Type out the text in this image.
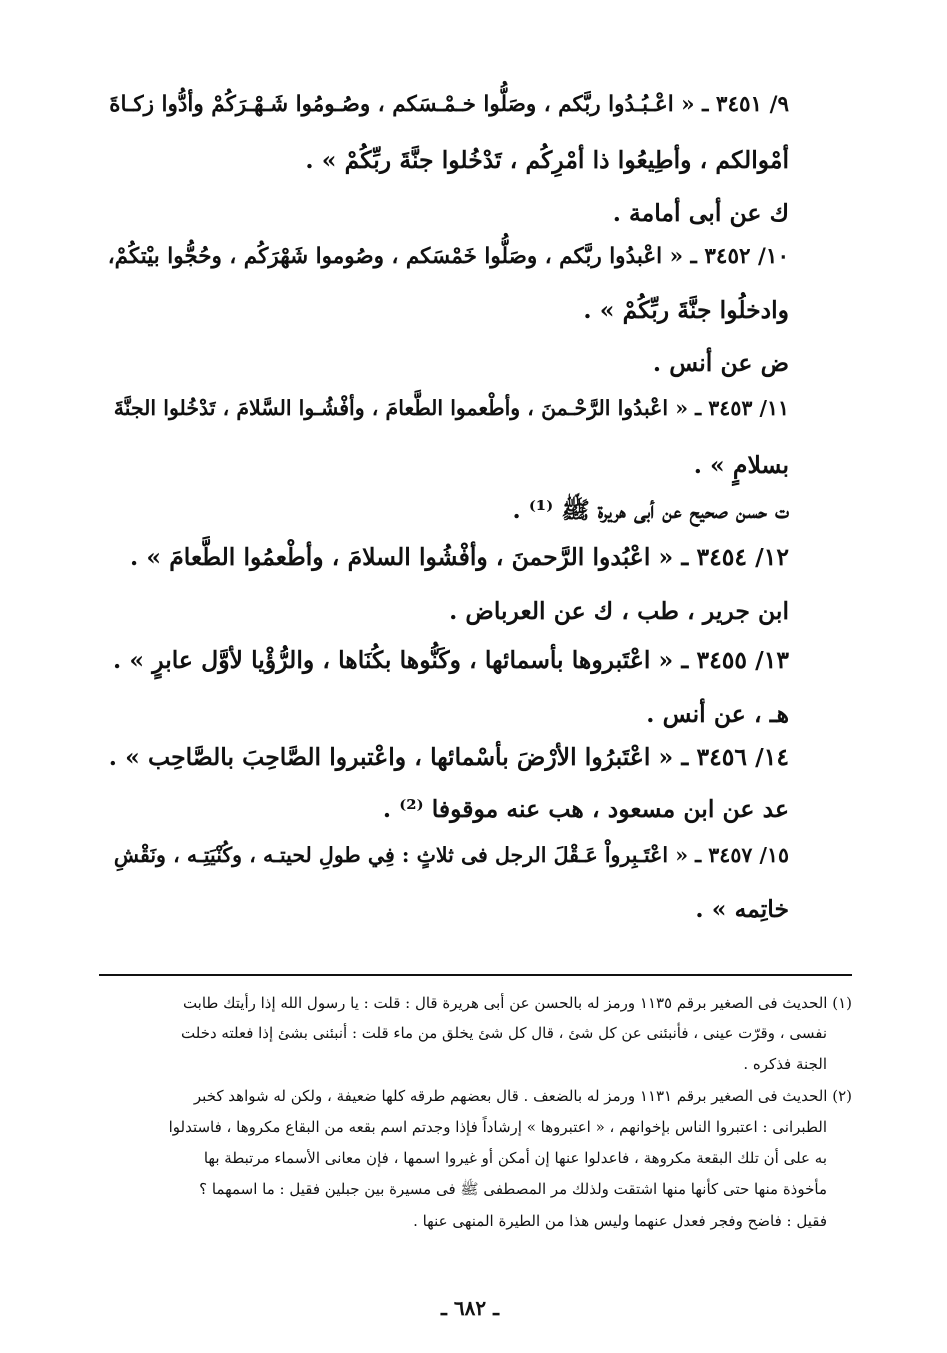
٩/ ٣٤٥١ ـ « اعْـبُـدُوا ربَّكم ، وصَلُّوا خـمْـسَكم ، وصُـومُوا شَـهْـرَكُمْ وأدُّوا زكـاةَ

أمْوالكم ، وأطِيعُوا ذا أمْرِكُم ، تَدْخُلوا جنَّةَ ربِّكُمْ » .

ك عن أبى أمامة .

١٠/ ٣٤٥٢ ـ « اعْبدُوا ربَّكم ، وصَلُّوا خَمْسَكم ، وصُوموا شَهْرَكُم ، وحُجُّوا بيْتكُمْ،

وادخلُوا جنَّةَ ربِّكُمْ » .

ض عن أنس .

١١/ ٣٤٥٣ ـ « اعْبدُوا الرَّحْـمنَ ، وأطْعموا الطَّعامَ ، وأفْشُـوا السَّلامَ ، تَدْخُلوا الجنَّةَ

بسلامٍ » .

ت حسن صحيح عن أبى هريرة ﷺ ⁽¹⁾ .

١٢/ ٣٤٥٤ ـ « اعْبُدوا الرَّحمنَ ، وأفْشُوا السلامَ ، وأطْعمُوا الطَّعامَ » .

ابن جرير ، طب ، ك عن العرباض .

١٣/ ٣٤٥٥ ـ « اعْتَبروها بأسمائها ، وكَنُّوها بكُنَاها ، والرُّؤْيا لأوَّل عابرٍ » .

هـ ، عن أنس .

١٤/ ٣٤٥٦ ـ « اعْتَبرُوا الأرْضَ بأسْمائها ، واعْتبروا الصَّاحِبَ بالصَّاحِب » .

عد عن ابن مسعود ، هب عنه موقوفا ⁽²⁾ .

١٥/ ٣٤٥٧ ـ « اعْتَـبِرواْ عَـقْلَ الرجل فى ثلاثٍ : فِي طولِ لحيتـه ، وكُنْيَتِـه ، ونَقْشِ

خاتِمه » .

(١) الحديث فى الصغير برقم ١١٣٥ ورمز له بالحسن عن أبى هريرة قال : قلت : يا رسول الله إذا رأيتك طابت

نفسى ، وقرّت عينى ، فأنبئنى عن كل شئ ، قال كل شئ يخلق من ماء قلت : أنبئنى بشئ إذا فعلته دخلت

الجنة فذكره .

(٢) الحديث فى الصغير برقم ١١٣١ ورمز له بالضعف . قال بعضهم طرقه كلها ضعيفة ، ولكن له شواهد كخبر

الطبرانى : اعتبروا الناس بإخوانهم ، « اعتبروها » إرشاداً فإذا وجدتم اسم بقعه من البقاع مكروها ، فاستدلوا

به على أن تلك البقعة مكروهة ، فاعدلوا عنها إن أمكن أو غيروا اسمها ، فإن معانى الأسماء مرتبطة بها

مأخوذة منها حتى كأنها منها اشتقت ولذلك مر المصطفى ﷺ فى مسيرة بين جبلين فقيل : ما اسمهما ؟

فقيل : فاضح وفجر فعدل عنهما وليس هذا من الطيرة المنهى عنها .

ـ ٦٨٢ ـ
